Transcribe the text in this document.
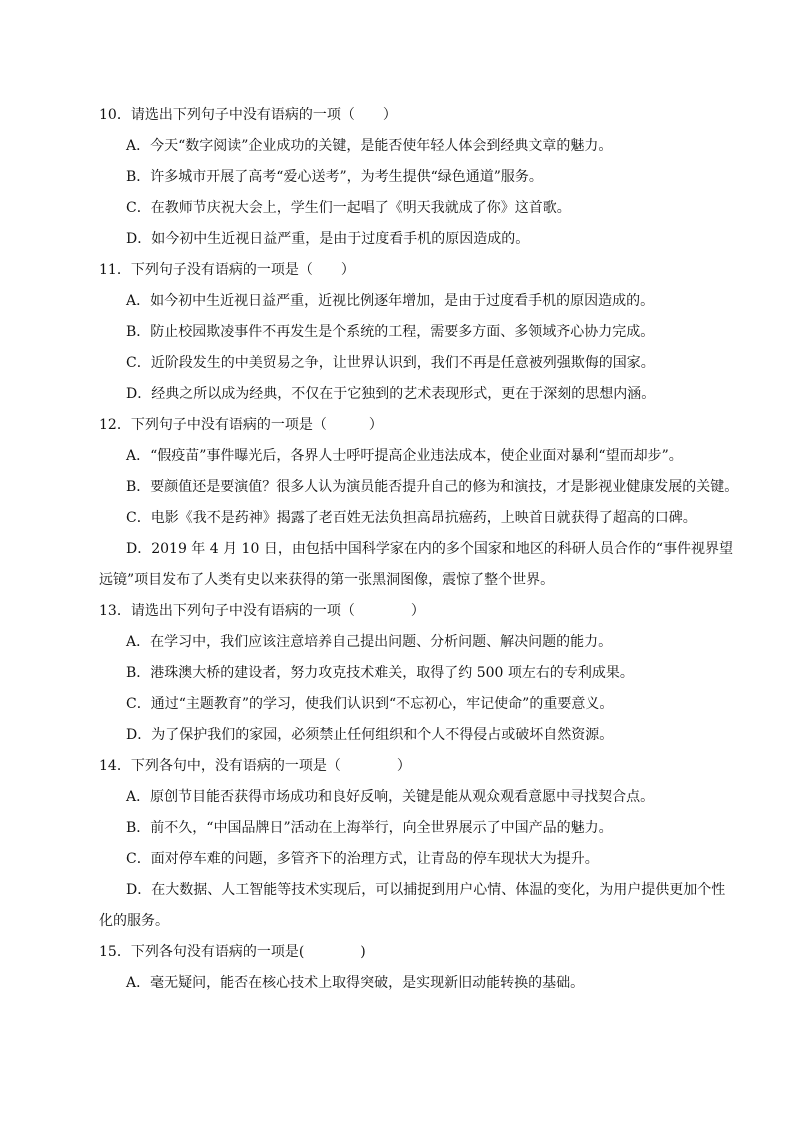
10．请选出下列句子中没有语病的一项（　　）
A．今天“数字阅读”企业成功的关键，是能否使年轻人体会到经典文章的魅力。
B．许多城市开展了高考“爱心送考”，为考生提供“绿色通道”服务。
C．在教师节庆祝大会上，学生们一起唱了《明天我就成了你》这首歌。
D．如今初中生近视日益严重，是由于过度看手机的原因造成的。
11．下列句子没有语病的一项是（　　）
A．如今初中生近视日益严重，近视比例逐年增加，是由于过度看手机的原因造成的。
B．防止校园欺凌事件不再发生是个系统的工程，需要多方面、多领域齐心协力完成。
C．近阶段发生的中美贸易之争，让世界认识到，我们不再是任意被列强欺侮的国家。
D．经典之所以成为经典，不仅在于它独到的艺术表现形式，更在于深刻的思想内涵。
12．下列句子中没有语病的一项是（　　　）
A．“假疫苗”事件曝光后，各界人士呼吁提高企业违法成本，使企业面对暴利“望而却步”。
B．要颜值还是要演值？很多人认为演员能否提升自己的修为和演技，才是影视业健康发展的关键。
C．电影《我不是药神》揭露了老百姓无法负担高昂抗癌药，上映首日就获得了超高的口碑。
D．2019 年 4 月 10 日，由包括中国科学家在内的多个国家和地区的科研人员合作的“事件视界望
远镜”项目发布了人类有史以来获得的第一张黑洞图像，震惊了整个世界。
13．请选出下列句子中没有语病的一项（　　　　）
A．在学习中，我们应该注意培养自己提出问题、分析问题、解决问题的能力。
B．港珠澳大桥的建设者，努力攻克技术难关，取得了约 500 项左右的专利成果。
C．通过“主题教育”的学习，使我们认识到“不忘初心，牢记使命”的重要意义。
D．为了保护我们的家园，必须禁止任何组织和个人不得侵占或破坏自然资源。
14．下列各句中，没有语病的一项是（　　　　）
A．原创节目能否获得市场成功和良好反响，关键是能从观众观看意愿中寻找契合点。
B．前不久，“中国品牌日”活动在上海举行，向全世界展示了中国产品的魅力。
C．面对停车难的问题，多管齐下的治理方式，让青岛的停车现状大为提升。
D．在大数据、人工智能等技术实现后，可以捕捉到用户心情、体温的变化，为用户提供更加个性
化的服务。
15．下列各句没有语病的一项是(　　　　)
A．毫无疑问，能否在核心技术上取得突破，是实现新旧动能转换的基础。
